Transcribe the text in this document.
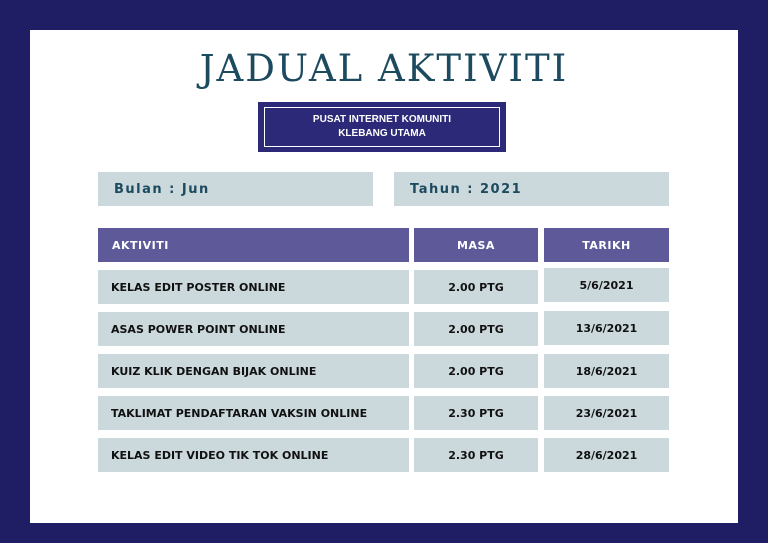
JADUAL AKTIVITI
PUSAT INTERNET KOMUNITI
KLEBANG UTAMA
Bulan : Jun	Tahun : 2021
AKTIVITI	MASA	TARIKH
KELAS EDIT POSTER ONLINE	2.00 PTG	5/6/2021
ASAS POWER POINT ONLINE	2.00 PTG	13/6/2021
KUIZ KLIK DENGAN BIJAK ONLINE	2.00 PTG	18/6/2021
TAKLIMAT PENDAFTARAN VAKSIN ONLINE	2.30 PTG	23/6/2021
KELAS EDIT VIDEO TIK TOK ONLINE	2.30 PTG	28/6/2021
